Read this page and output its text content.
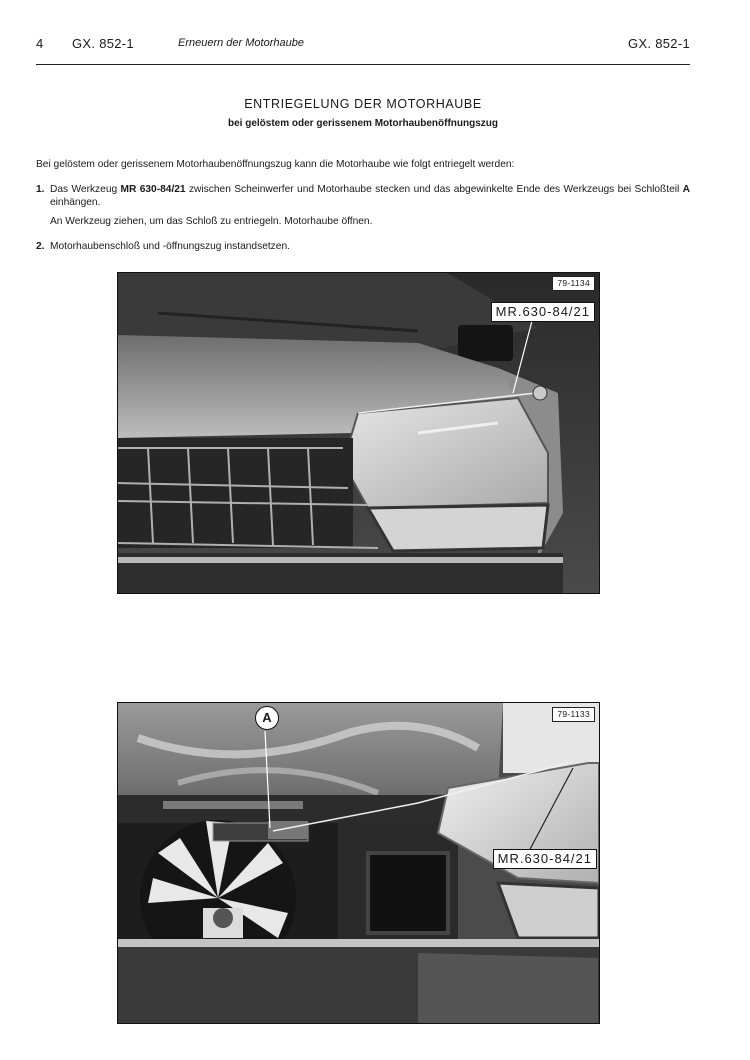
4 GX. 852-1	Erneuern der Motorhaube	GX. 852-1
ENTRIEGELUNG DER MOTORHAUBE
bei gelöstem oder gerissenem Motorhaubenöffnungszug
Bei gelöstem oder gerissenem Motorhaubenöffnungszug kann die Motorhaube wie folgt entriegelt werden:
1. Das Werkzeug MR 630-84/21 zwischen Scheinwerfer und Motorhaube stecken und das abgewinkelte Ende des Werkzeugs bei Schloßteil A einhängen.
An Werkzeug ziehen, um das Schloß zu entriegeln. Motorhaube öffnen.
2. Motorhaubenschloß und -öffnungszug instandsetzen.
79-1134
MR.630-84/21
A	79-1133
MR.630-84/21
